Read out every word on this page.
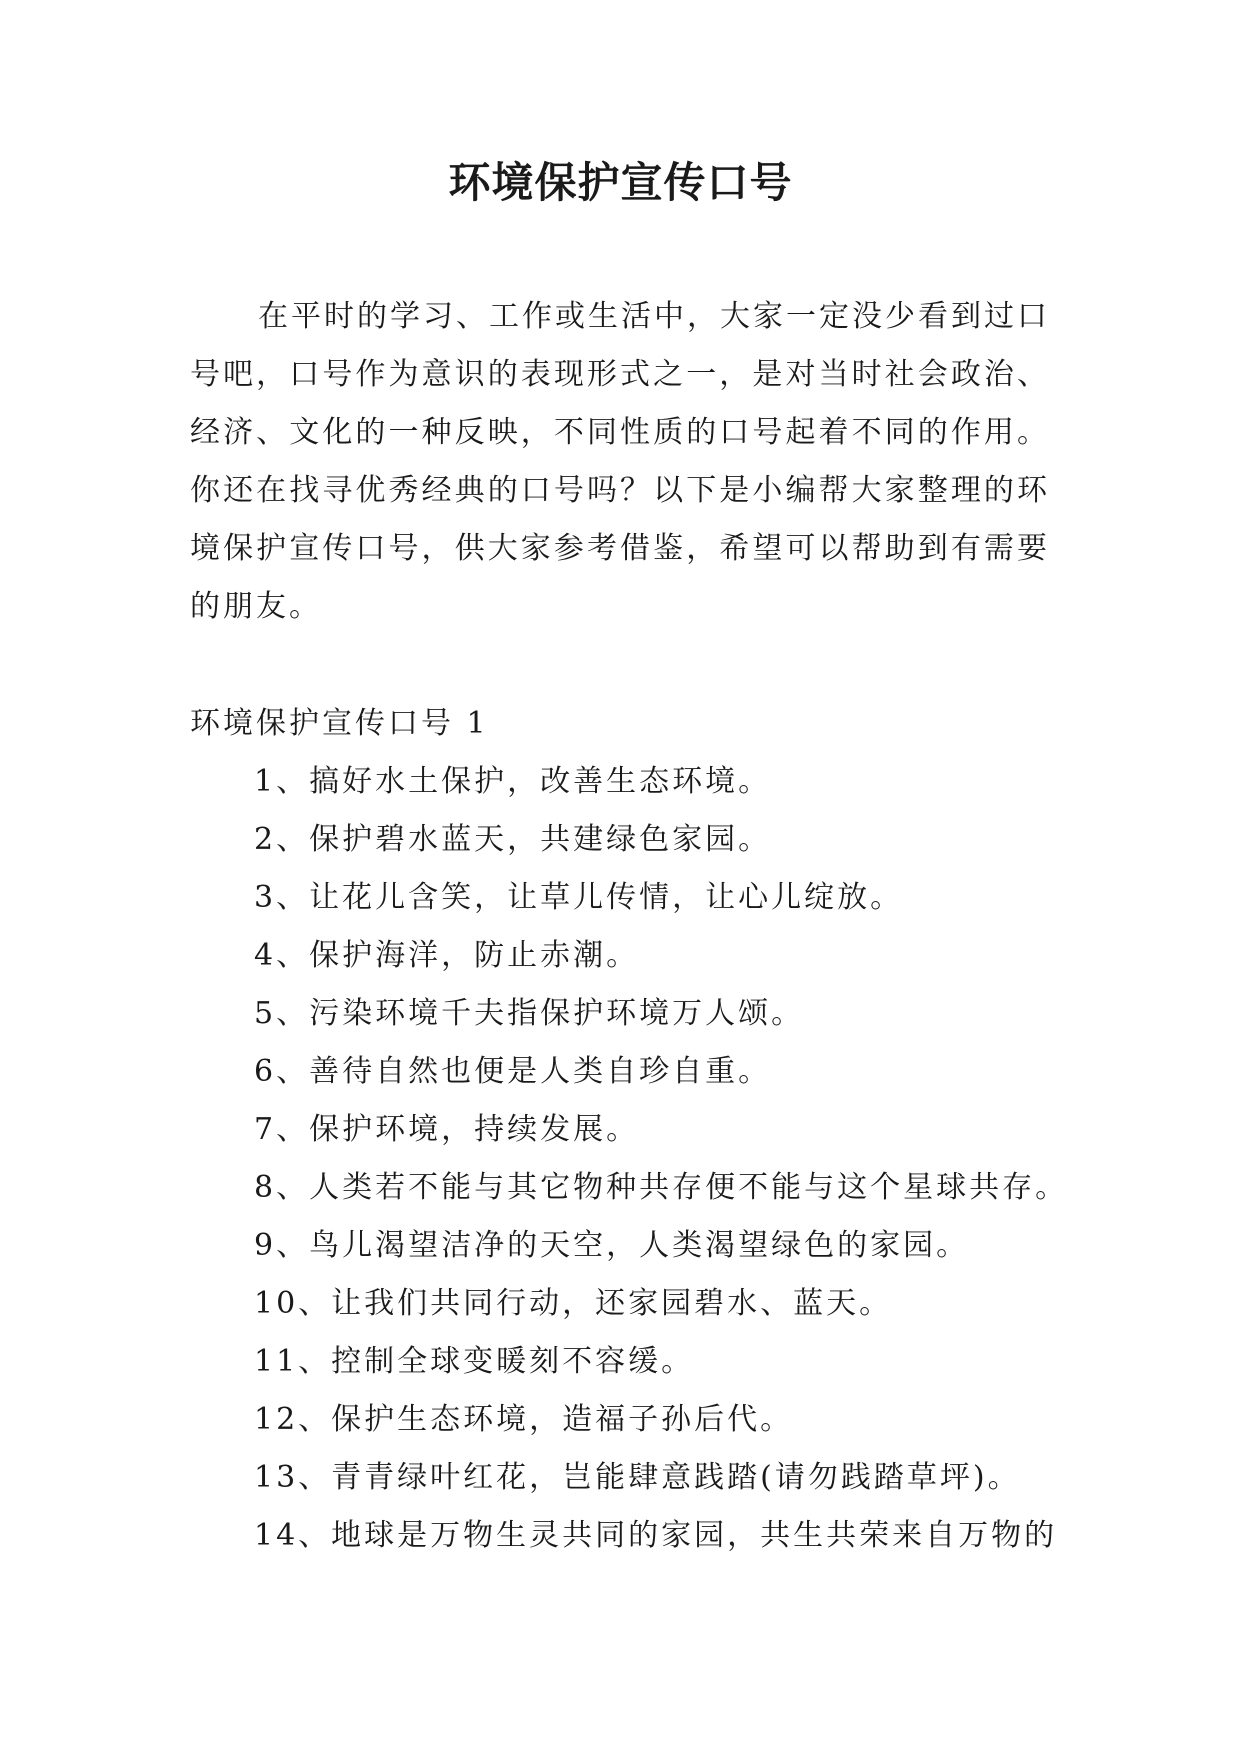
环境保护宣传口号

在平时的学习、工作或生活中，大家一定没少看到过口号吧，口号作为意识的表现形式之一，是对当时社会政治、经济、文化的一种反映，不同性质的口号起着不同的作用。你还在找寻优秀经典的口号吗？以下是小编帮大家整理的环境保护宣传口号，供大家参考借鉴，希望可以帮助到有需要的朋友。

环境保护宣传口号 1

1、搞好水土保护，改善生态环境。
2、保护碧水蓝天，共建绿色家园。
3、让花儿含笑，让草儿传情，让心儿绽放。
4、保护海洋，防止赤潮。
5、污染环境千夫指保护环境万人颂。
6、善待自然也便是人类自珍自重。
7、保护环境，持续发展。
8、人类若不能与其它物种共存便不能与这个星球共存。
9、鸟儿渴望洁净的天空，人类渴望绿色的家园。
10、让我们共同行动，还家园碧水、蓝天。
11、控制全球变暖刻不容缓。
12、保护生态环境，造福子孙后代。
13、青青绿叶红花，岂能肆意践踏(请勿践踏草坪)。
14、地球是万物生灵共同的家园，共生共荣来自万物的
